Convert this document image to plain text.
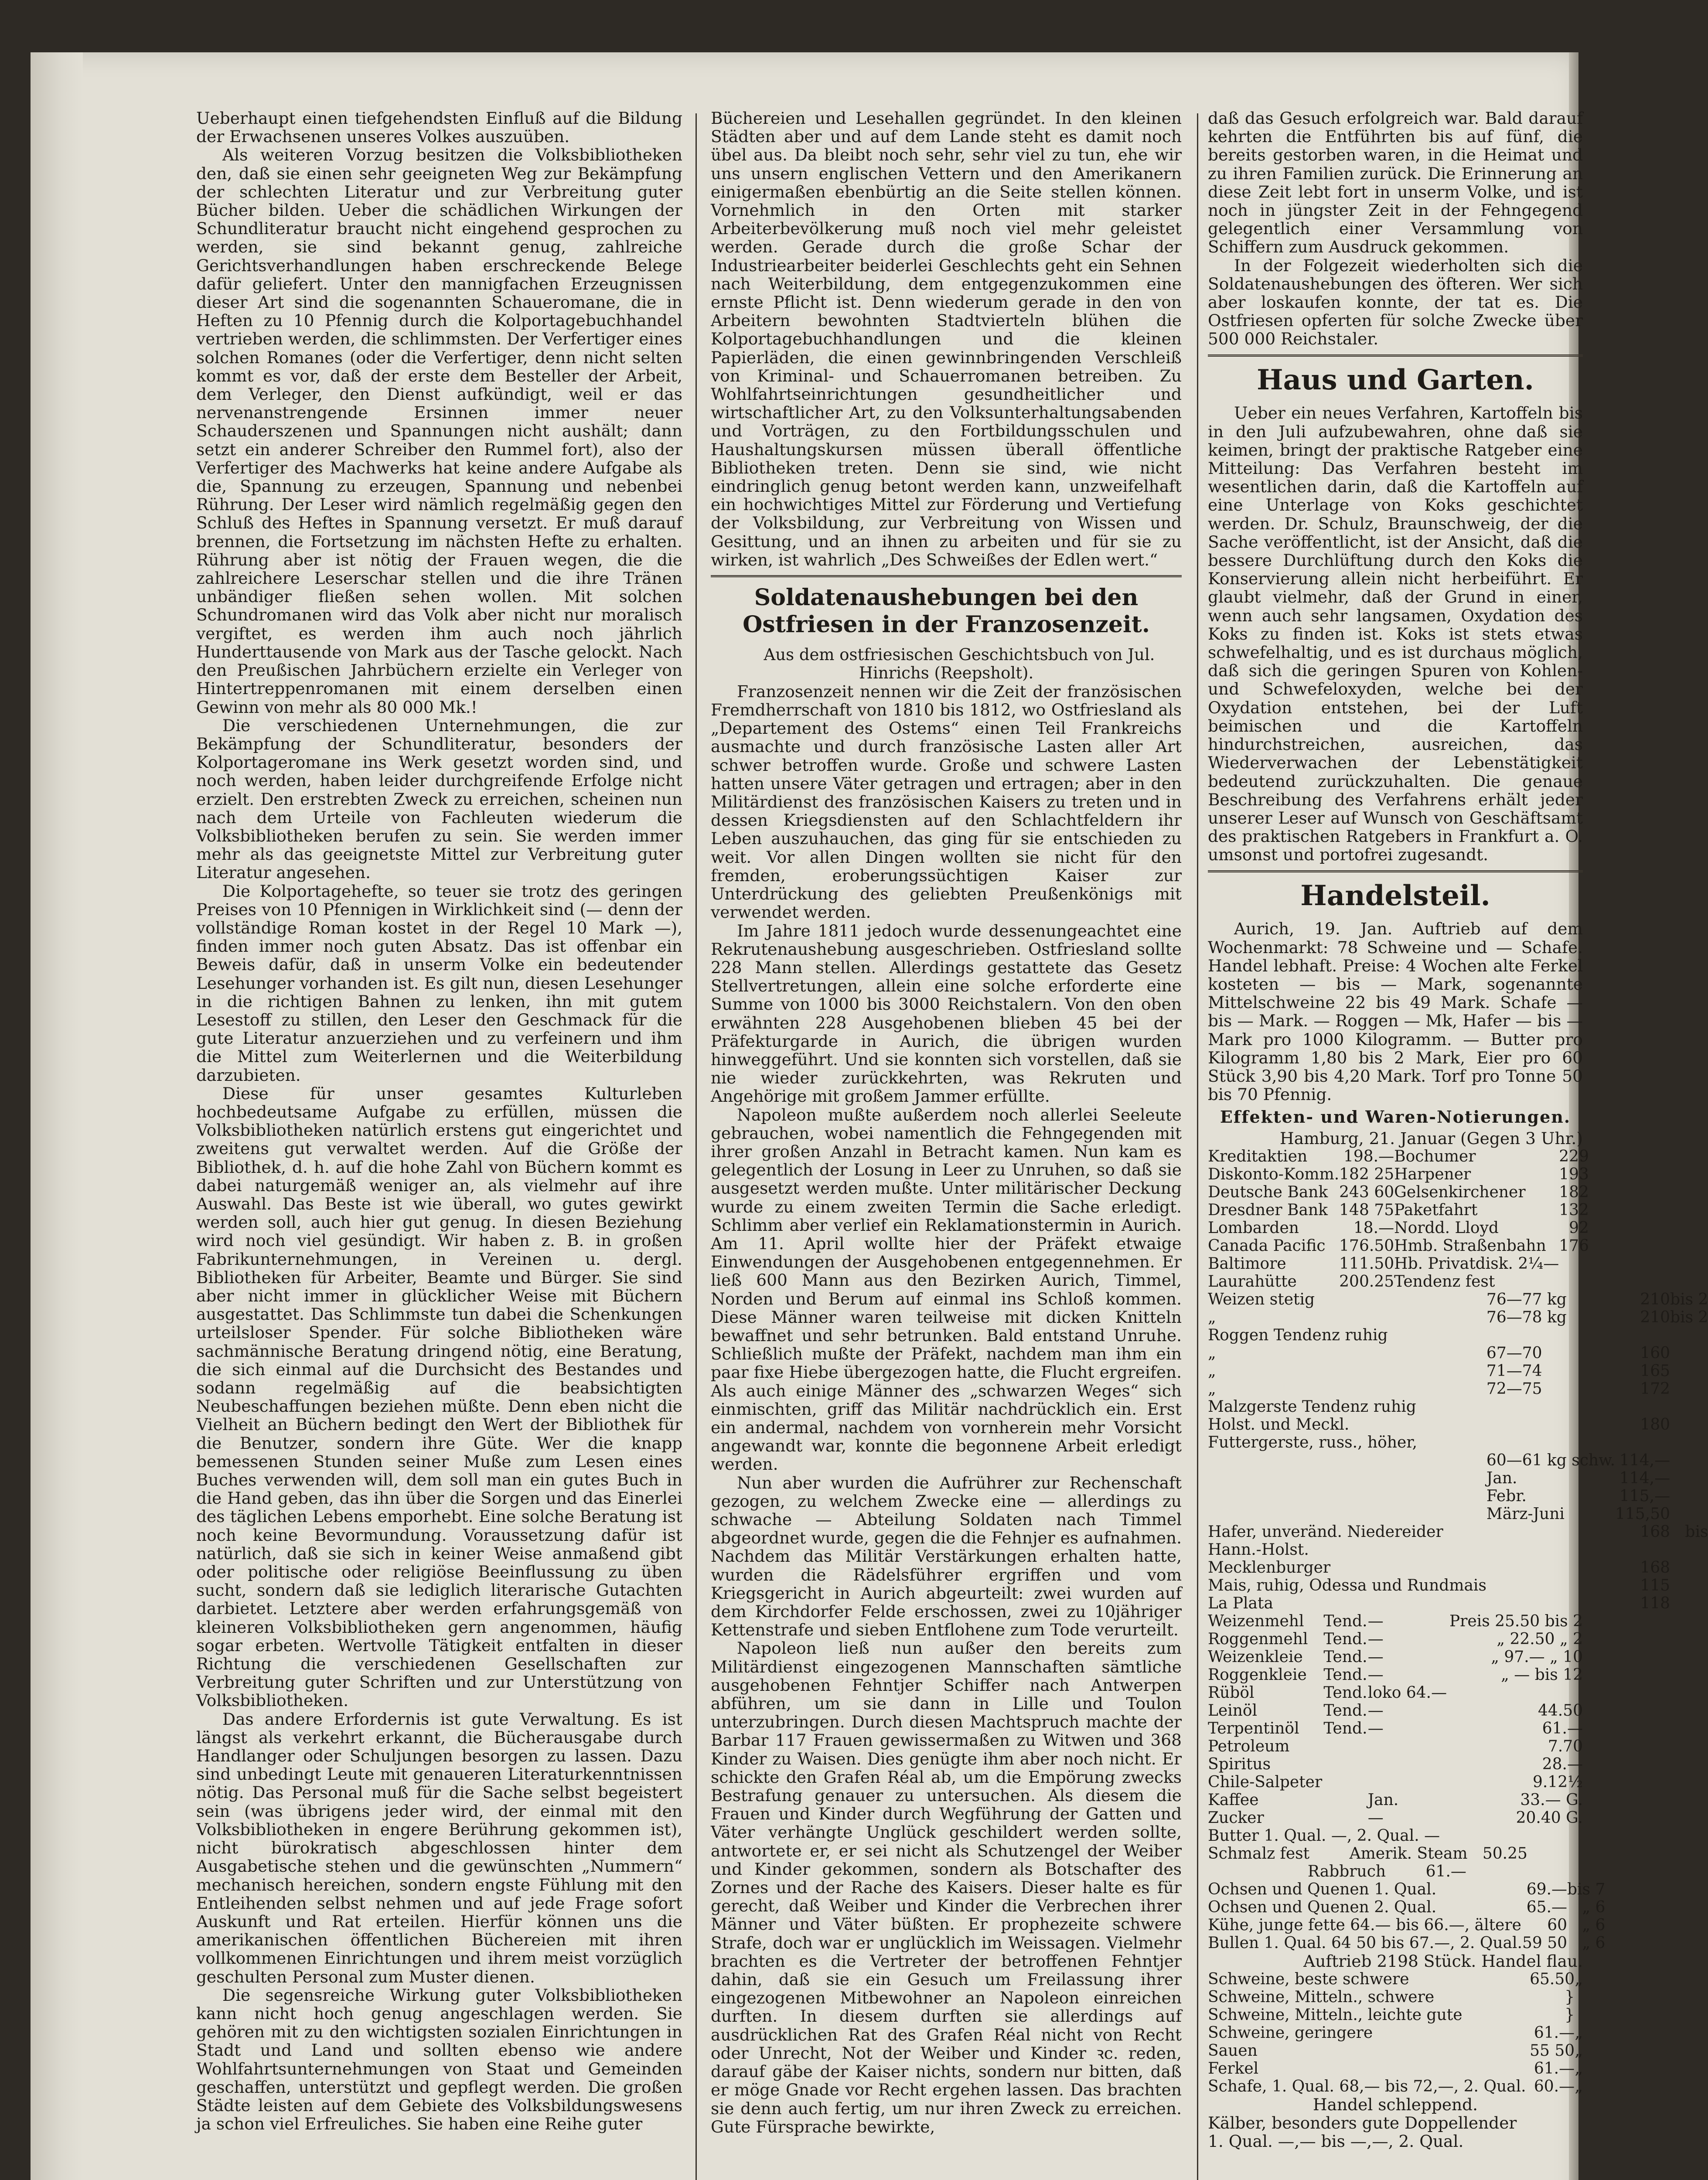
Ueberhaupt einen tiefgehendsten Einfluß auf die Bildung der Erwachsenen unseres Volkes auszuüben.

Als weiteren Vorzug besitzen die Volksbibliotheken den, daß sie einen sehr geeigneten Weg zur Bekämpfung der schlechten Literatur und zur Verbreitung guter Bücher bilden. Ueber die schädlichen Wirkungen der Schundliteratur braucht nicht eingehend gesprochen zu werden, sie sind bekannt genug, zahlreiche Gerichtsverhandlungen haben erschreckende Belege dafür geliefert. Unter den mannigfachen Erzeugnissen dieser Art sind die sogenannten Schaueromane, die in Heften zu 10 Pfennig durch die Kolportagebuchhandel vertrieben werden, die schlimmsten. Der Verfertiger eines solchen Romanes (oder die Verfertiger, denn nicht selten kommt es vor, daß der erste dem Besteller der Arbeit, dem Verleger, den Dienst aufkündigt, weil er das nervenanstrengende Ersinnen immer neuer Schauderszenen und Spannungen nicht aushält; dann setzt ein anderer Schreiber den Rummel fort), also der Verfertiger des Machwerks hat keine andere Aufgabe als die, Spannung zu erzeugen, Spannung und nebenbei Rührung. Der Leser wird nämlich regelmäßig gegen den Schluß des Heftes in Spannung versetzt. Er muß darauf brennen, die Fortsetzung im nächsten Hefte zu erhalten. Rührung aber ist nötig der Frauen wegen, die die zahlreichere Leserschar stellen und die ihre Tränen unbändiger fließen sehen wollen. Mit solchen Schundromanen wird das Volk aber nicht nur moralisch vergiftet, es werden ihm auch noch jährlich Hunderttausende von Mark aus der Tasche gelockt. Nach den Preußischen Jahrbüchern erzielte ein Verleger von Hintertreppenromanen mit einem derselben einen Gewinn von mehr als 80 000 Mk.!

Die verschiedenen Unternehmungen, die zur Bekämpfung der Schundliteratur, besonders der Kolportageromane ins Werk gesetzt worden sind, und noch werden, haben leider durchgreifende Erfolge nicht erzielt. Den erstrebten Zweck zu erreichen, scheinen nun nach dem Urteile von Fachleuten wiederum die Volksbibliotheken berufen zu sein. Sie werden immer mehr als das geeignetste Mittel zur Verbreitung guter Literatur angesehen.

Die Kolportagehefte, so teuer sie trotz des geringen Preises von 10 Pfennigen in Wirklichkeit sind (— denn der vollständige Roman kostet in der Regel 10 Mark —), finden immer noch guten Absatz. Das ist offenbar ein Beweis dafür, daß in unserm Volke ein bedeutender Lesehunger vorhanden ist. Es gilt nun, diesen Lesehunger in die richtigen Bahnen zu lenken, ihn mit gutem Lesestoff zu stillen, den Leser den Geschmack für die gute Literatur anzuerziehen und zu verfeinern und ihm die Mittel zum Weiterlernen und die Weiterbildung darzubieten.

Diese für unser gesamtes Kulturleben hochbedeutsame Aufgabe zu erfüllen, müssen die Volksbibliotheken natürlich erstens gut eingerichtet und zweitens gut verwaltet werden. Auf die Größe der Bibliothek, d. h. auf die hohe Zahl von Büchern kommt es dabei naturgemäß weniger an, als vielmehr auf ihre Auswahl. Das Beste ist wie überall, wo gutes gewirkt werden soll, auch hier gut genug. In diesen Beziehung wird noch viel gesündigt. Wir haben z. B. in großen Fabrikunternehmungen, in Vereinen u. dergl. Bibliotheken für Arbeiter, Beamte und Bürger. Sie sind aber nicht immer in glücklicher Weise mit Büchern ausgestattet. Das Schlimmste tun dabei die Schenkungen urteilsloser Spender. Für solche Bibliotheken wäre sachmännische Beratung dringend nötig, eine Beratung, die sich einmal auf die Durchsicht des Bestandes und sodann regelmäßig auf die beabsichtigten Neubeschaffungen beziehen müßte. Denn eben nicht die Vielheit an Büchern bedingt den Wert der Bibliothek für die Benutzer, sondern ihre Güte. Wer die knapp bemessenen Stunden seiner Muße zum Lesen eines Buches verwenden will, dem soll man ein gutes Buch in die Hand geben, das ihn über die Sorgen und das Einerlei des täglichen Lebens emporhebt. Eine solche Beratung ist noch keine Bevormundung. Voraussetzung dafür ist natürlich, daß sie sich in keiner Weise anmaßend gibt oder politische oder religiöse Beeinflussung zu üben sucht, sondern daß sie lediglich literarische Gutachten darbietet. Letztere aber werden erfahrungsgemäß von kleineren Volksbibliotheken gern angenommen, häufig sogar erbeten. Wertvolle Tätigkeit entfalten in dieser Richtung die verschiedenen Gesellschaften zur Verbreitung guter Schriften und zur Unterstützung von Volksbibliotheken.

Das andere Erfordernis ist gute Verwaltung. Es ist längst als verkehrt erkannt, die Bücherausgabe durch Handlanger oder Schuljungen besorgen zu lassen. Dazu sind unbedingt Leute mit genaueren Literaturkenntnissen nötig. Das Personal muß für die Sache selbst begeistert sein (was übrigens jeder wird, der einmal mit den Volksbibliotheken in engere Berührung gekommen ist), nicht bürokratisch abgeschlossen hinter dem Ausgabetische stehen und die gewünschten „Nummern“ mechanisch hereichen, sondern engste Fühlung mit den Entleihenden selbst nehmen und auf jede Frage sofort Auskunft und Rat erteilen. Hierfür können uns die amerikanischen öffentlichen Büchereien mit ihren vollkommenen Einrichtungen und ihrem meist vorzüglich geschulten Personal zum Muster dienen.

Die segensreiche Wirkung guter Volksbibliotheken kann nicht hoch genug angeschlagen werden. Sie gehören mit zu den wichtigsten sozialen Einrichtungen in Stadt und Land und sollten ebenso wie andere Wohlfahrtsunternehmungen von Staat und Gemeinden geschaffen, unterstützt und gepflegt werden. Die großen Städte leisten auf dem Gebiete des Volksbildungswesens ja schon viel Erfreuliches. Sie haben eine Reihe guter

Büchereien und Lesehallen gegründet. In den kleinen Städten aber und auf dem Lande steht es damit noch übel aus. Da bleibt noch sehr, sehr viel zu tun, ehe wir uns unsern englischen Vettern und den Amerikanern einigermaßen ebenbürtig an die Seite stellen können. Vornehmlich in den Orten mit starker Arbeiterbevölkerung muß noch viel mehr geleistet werden. Gerade durch die große Schar der Industriearbeiter beiderlei Geschlechts geht ein Sehnen nach Weiterbildung, dem entgegenzukommen eine ernste Pflicht ist. Denn wiederum gerade in den von Arbeitern bewohnten Stadtvierteln blühen die Kolportagebuchhandlungen und die kleinen Papierläden, die einen gewinnbringenden Verschleiß von Kriminal- und Schauerromanen betreiben. Zu Wohlfahrtseinrichtungen gesundheitlicher und wirtschaftlicher Art, zu den Volksunterhaltungsabenden und Vorträgen, zu den Fortbildungsschulen und Haushaltungskursen müssen überall öffentliche Bibliotheken treten. Denn sie sind, wie nicht eindringlich genug betont werden kann, unzweifelhaft ein hochwichtiges Mittel zur Förderung und Vertiefung der Volksbildung, zur Verbreitung von Wissen und Gesittung, und an ihnen zu arbeiten und für sie zu wirken, ist wahrlich „Des Schweißes der Edlen wert.“

Soldatenaushebungen bei den Ostfriesen in der Franzosenzeit.

Aus dem ostfriesischen Geschichtsbuch von Jul. Hinrichs (Reepsholt).

Franzosenzeit nennen wir die Zeit der französischen Fremdherrschaft von 1810 bis 1812, wo Ostfriesland als „Departement des Ostems“ einen Teil Frankreichs ausmachte und durch französische Lasten aller Art schwer betroffen wurde. Große und schwere Lasten hatten unsere Väter getragen und ertragen; aber in den Militärdienst des französischen Kaisers zu treten und in dessen Kriegsdiensten auf den Schlachtfeldern ihr Leben auszuhauchen, das ging für sie entschieden zu weit. Vor allen Dingen wollten sie nicht für den fremden, eroberungssüchtigen Kaiser zur Unterdrückung des geliebten Preußenkönigs mit verwendet werden.

Im Jahre 1811 jedoch wurde dessenungeachtet eine Rekrutenaushebung ausgeschrieben. Ostfriesland sollte 228 Mann stellen. Allerdings gestattete das Gesetz Stellvertretungen, allein eine solche erforderte eine Summe von 1000 bis 3000 Reichstalern. Von den oben erwähnten 228 Ausgehobenen blieben 45 bei der Präfekturgarde in Aurich, die übrigen wurden hinweggeführt. Und sie konnten sich vorstellen, daß sie nie wieder zurückkehrten, was Rekruten und Angehörige mit großem Jammer erfüllte.

Napoleon mußte außerdem noch allerlei Seeleute gebrauchen, wobei namentlich die Fehngegenden mit ihrer großen Anzahl in Betracht kamen. Nun kam es gelegentlich der Losung in Leer zu Unruhen, so daß sie ausgesetzt werden mußte. Unter militärischer Deckung wurde zu einem zweiten Termin die Sache erledigt. Schlimm aber verlief ein Reklamationstermin in Aurich. Am 11. April wollte hier der Präfekt etwaige Einwendungen der Ausgehobenen entgegennehmen. Er ließ 600 Mann aus den Bezirken Aurich, Timmel, Norden und Berum auf einmal ins Schloß kommen. Diese Männer waren teilweise mit dicken Knitteln bewaffnet und sehr betrunken. Bald entstand Unruhe. Schließlich mußte der Präfekt, nachdem man ihm ein paar fixe Hiebe übergezogen hatte, die Flucht ergreifen. Als auch einige Männer des „schwarzen Weges“ sich einmischten, griff das Militär nachdrücklich ein. Erst ein andermal, nachdem von vornherein mehr Vorsicht angewandt war, konnte die begonnene Arbeit erledigt werden.

Nun aber wurden die Aufrührer zur Rechenschaft gezogen, zu welchem Zwecke eine — allerdings zu schwache — Abteilung Soldaten nach Timmel abgeordnet wurde, gegen die die Fehnjer es aufnahmen. Nachdem das Militär Verstärkungen erhalten hatte, wurden die Rädelsführer ergriffen und vom Kriegsgericht in Aurich abgeurteilt: zwei wurden auf dem Kirchdorfer Felde erschossen, zwei zu 10jähriger Kettenstrafe und sieben Entflohene zum Tode verurteilt.

Napoleon ließ nun außer den bereits zum Militärdienst eingezogenen Mannschaften sämtliche ausgehobenen Fehntjer Schiffer nach Antwerpen abführen, um sie dann in Lille und Toulon unterzubringen. Durch diesen Machtspruch machte der Barbar 117 Frauen gewissermaßen zu Witwen und 368 Kinder zu Waisen. Dies genügte ihm aber noch nicht. Er schickte den Grafen Réal ab, um die Empörung zwecks Bestrafung genauer zu untersuchen. Als diesem die Frauen und Kinder durch Wegführung der Gatten und Väter verhängte Unglück geschildert werden sollte, antwortete er, er sei nicht als Schutzengel der Weiber und Kinder gekommen, sondern als Botschafter des Zornes und der Rache des Kaisers. Dieser halte es für gerecht, daß Weiber und Kinder die Verbrechen ihrer Männer und Väter büßten. Er prophezeite schwere Strafe, doch war er unglücklich im Weissagen. Vielmehr brachten es die Vertreter der betroffenen Fehntjer dahin, daß sie ein Gesuch um Freilassung ihrer eingezogenen Mitbewohner an Napoleon einreichen durften. In diesem durften sie allerdings auf ausdrücklichen Rat des Grafen Réal nicht von Recht oder Unrecht, Not der Weiber und Kinder ꝛc. reden, darauf gäbe der Kaiser nichts, sondern nur bitten, daß er möge Gnade vor Recht ergehen lassen. Das brachten sie denn auch fertig, um nur ihren Zweck zu erreichen. Gute Fürsprache bewirkte,

daß das Gesuch erfolgreich war. Bald darauf kehrten die Entführten bis auf fünf, die bereits gestorben waren, in die Heimat und zu ihren Familien zurück. Die Erinnerung an diese Zeit lebt fort in unserm Volke, und ist noch in jüngster Zeit in der Fehngegend gelegentlich einer Versammlung von Schiffern zum Ausdruck gekommen.

In der Folgezeit wiederholten sich die Soldatenaushebungen des öfteren. Wer sich aber loskaufen konnte, der tat es. Die Ostfriesen opferten für solche Zwecke über 500 000 Reichstaler.

Haus und Garten.

Ueber ein neues Verfahren, Kartoffeln bis in den Juli aufzubewahren, ohne daß sie keimen, bringt der praktische Ratgeber eine Mitteilung: Das Verfahren besteht im wesentlichen darin, daß die Kartoffeln auf eine Unterlage von Koks geschichtet werden. Dr. Schulz, Braunschweig, der die Sache veröffentlicht, ist der Ansicht, daß die bessere Durchlüftung durch den Koks die Konservierung allein nicht herbeiführt. Er glaubt vielmehr, daß der Grund in einer, wenn auch sehr langsamen, Oxydation des Koks zu finden ist. Koks ist stets etwas schwefelhaltig, und es ist durchaus möglich, daß sich die geringen Spuren von Kohlen- und Schwefeloxyden, welche bei der Oxydation entstehen, bei der Luft beimischen und die Kartoffeln hindurchstreichen, ausreichen, das Wiederverwachen der Lebenstätigkeit bedeutend zurückzuhalten. Die genaue Beschreibung des Verfahrens erhält jeder unserer Leser auf Wunsch von Geschäftsamt des praktischen Ratgebers in Frankfurt a. O. umsonst und portofrei zugesandt.

Handelsteil.

Aurich, 19. Jan. Auftrieb auf dem Wochenmarkt: 78 Schweine und — Schafe. Handel lebhaft. Preise: 4 Wochen alte Ferkel kosteten — bis — Mark, sogenannte Mittelschweine 22 bis 49 Mark. Schafe — bis — Mark. — Roggen — Mk, Hafer — bis — Mark pro 1000 Kilogramm. — Butter pro Kilogramm 1,80 bis 2 Mark, Eier pro 60 Stück 3,90 bis 4,20 Mark. Torf pro Tonne 50 bis 70 Pfennig.

Effekten- und Waren-Notierungen.

Hamburg, 21. Januar (Gegen 3 Uhr.)

Kreditaktien	198.—	Bochumer	229
Diskonto-Komm.	182 25	Harpener	193
Deutsche Bank	243 60	Gelsenkirchener	182
Dresdner Bank	148 75	Paketfahrt	132
Lombarden	18.—	Nordd. Lloyd	92
Canada Pacific	176.50	Hmb. Straßenbahn	176
Baltimore	111.50	Hb. Privatdisk. 2¼—	
Laurahütte	200.25	Tendenz fest	
Weizen stetig	76—77 kg	210	bis 2
„	76—78 kg	210	bis 2
Roggen Tendenz ruhig			
„	67—70	160	
„	71—74	165	
„	72—75	172	
Malzgerste Tendenz ruhig			
Holst. und Meckl.		180	
Futtergerste, russ., höher,			
	60—61 kg schw.	114,—	
	Jan.	114,—	
	Febr.	115,—	
	März-Juni	115,50	
Hafer, unveränd. Niedereider		168	bis
Hann.-Holst.			
Mecklenburger		168	
Mais, ruhig, Odessa und Rundmais		115	
La Plata		118	
Weizenmehl	Tend.	—	Preis 25.50 bis 2
Roggenmehl	Tend.	—	„ 22.50 „ 2
Weizenkleie	Tend.	—	„ 97.— „ 10
Roggenkleie	Tend.	—	„ — bis 12
Rüböl	Tend.	loko 64.—	
Leinöl	Tend.	—	44.50
Terpentinöl	Tend.	—	61.—
Petroleum			7.70
Spiritus			28.—
Chile-Salpeter			9.12½
Kaffee		Jan.	33.— G.
Zucker		—	20.40 G.
Butter 1. Qual. —, 2. Qual. —
Schmalz fest        Amerik. Steam   50.25
Rabbruch        61.—
Ochsen und Quenen 1. Qual.	69.—	bis 7
Ochsen und Quenen 2. Qual.	65.—	„ 6
Kühe, junge fette 64.— bis 66.—, ältere	60	„ 6
Bullen 1. Qual. 64 50 bis 67.—, 2. Qual.	59 50	„ 6

Auftrieb 2198 Stück. Handel flau.

Schweine, beste schwere	65.50	„
Schweine, Mitteln., schwere	}	
Schweine, Mitteln., leichte gute	}	
Schweine, geringere	61.—	„
Sauen	55 50	„
Ferkel	61.—	„
Schafe, 1. Qual. 68,— bis 72,—, 2. Qual.	60.—	„

Handel schleppend.

Kälber, besonders gute Doppellender

1. Qual. —,— bis —,—, 2. Qual.
